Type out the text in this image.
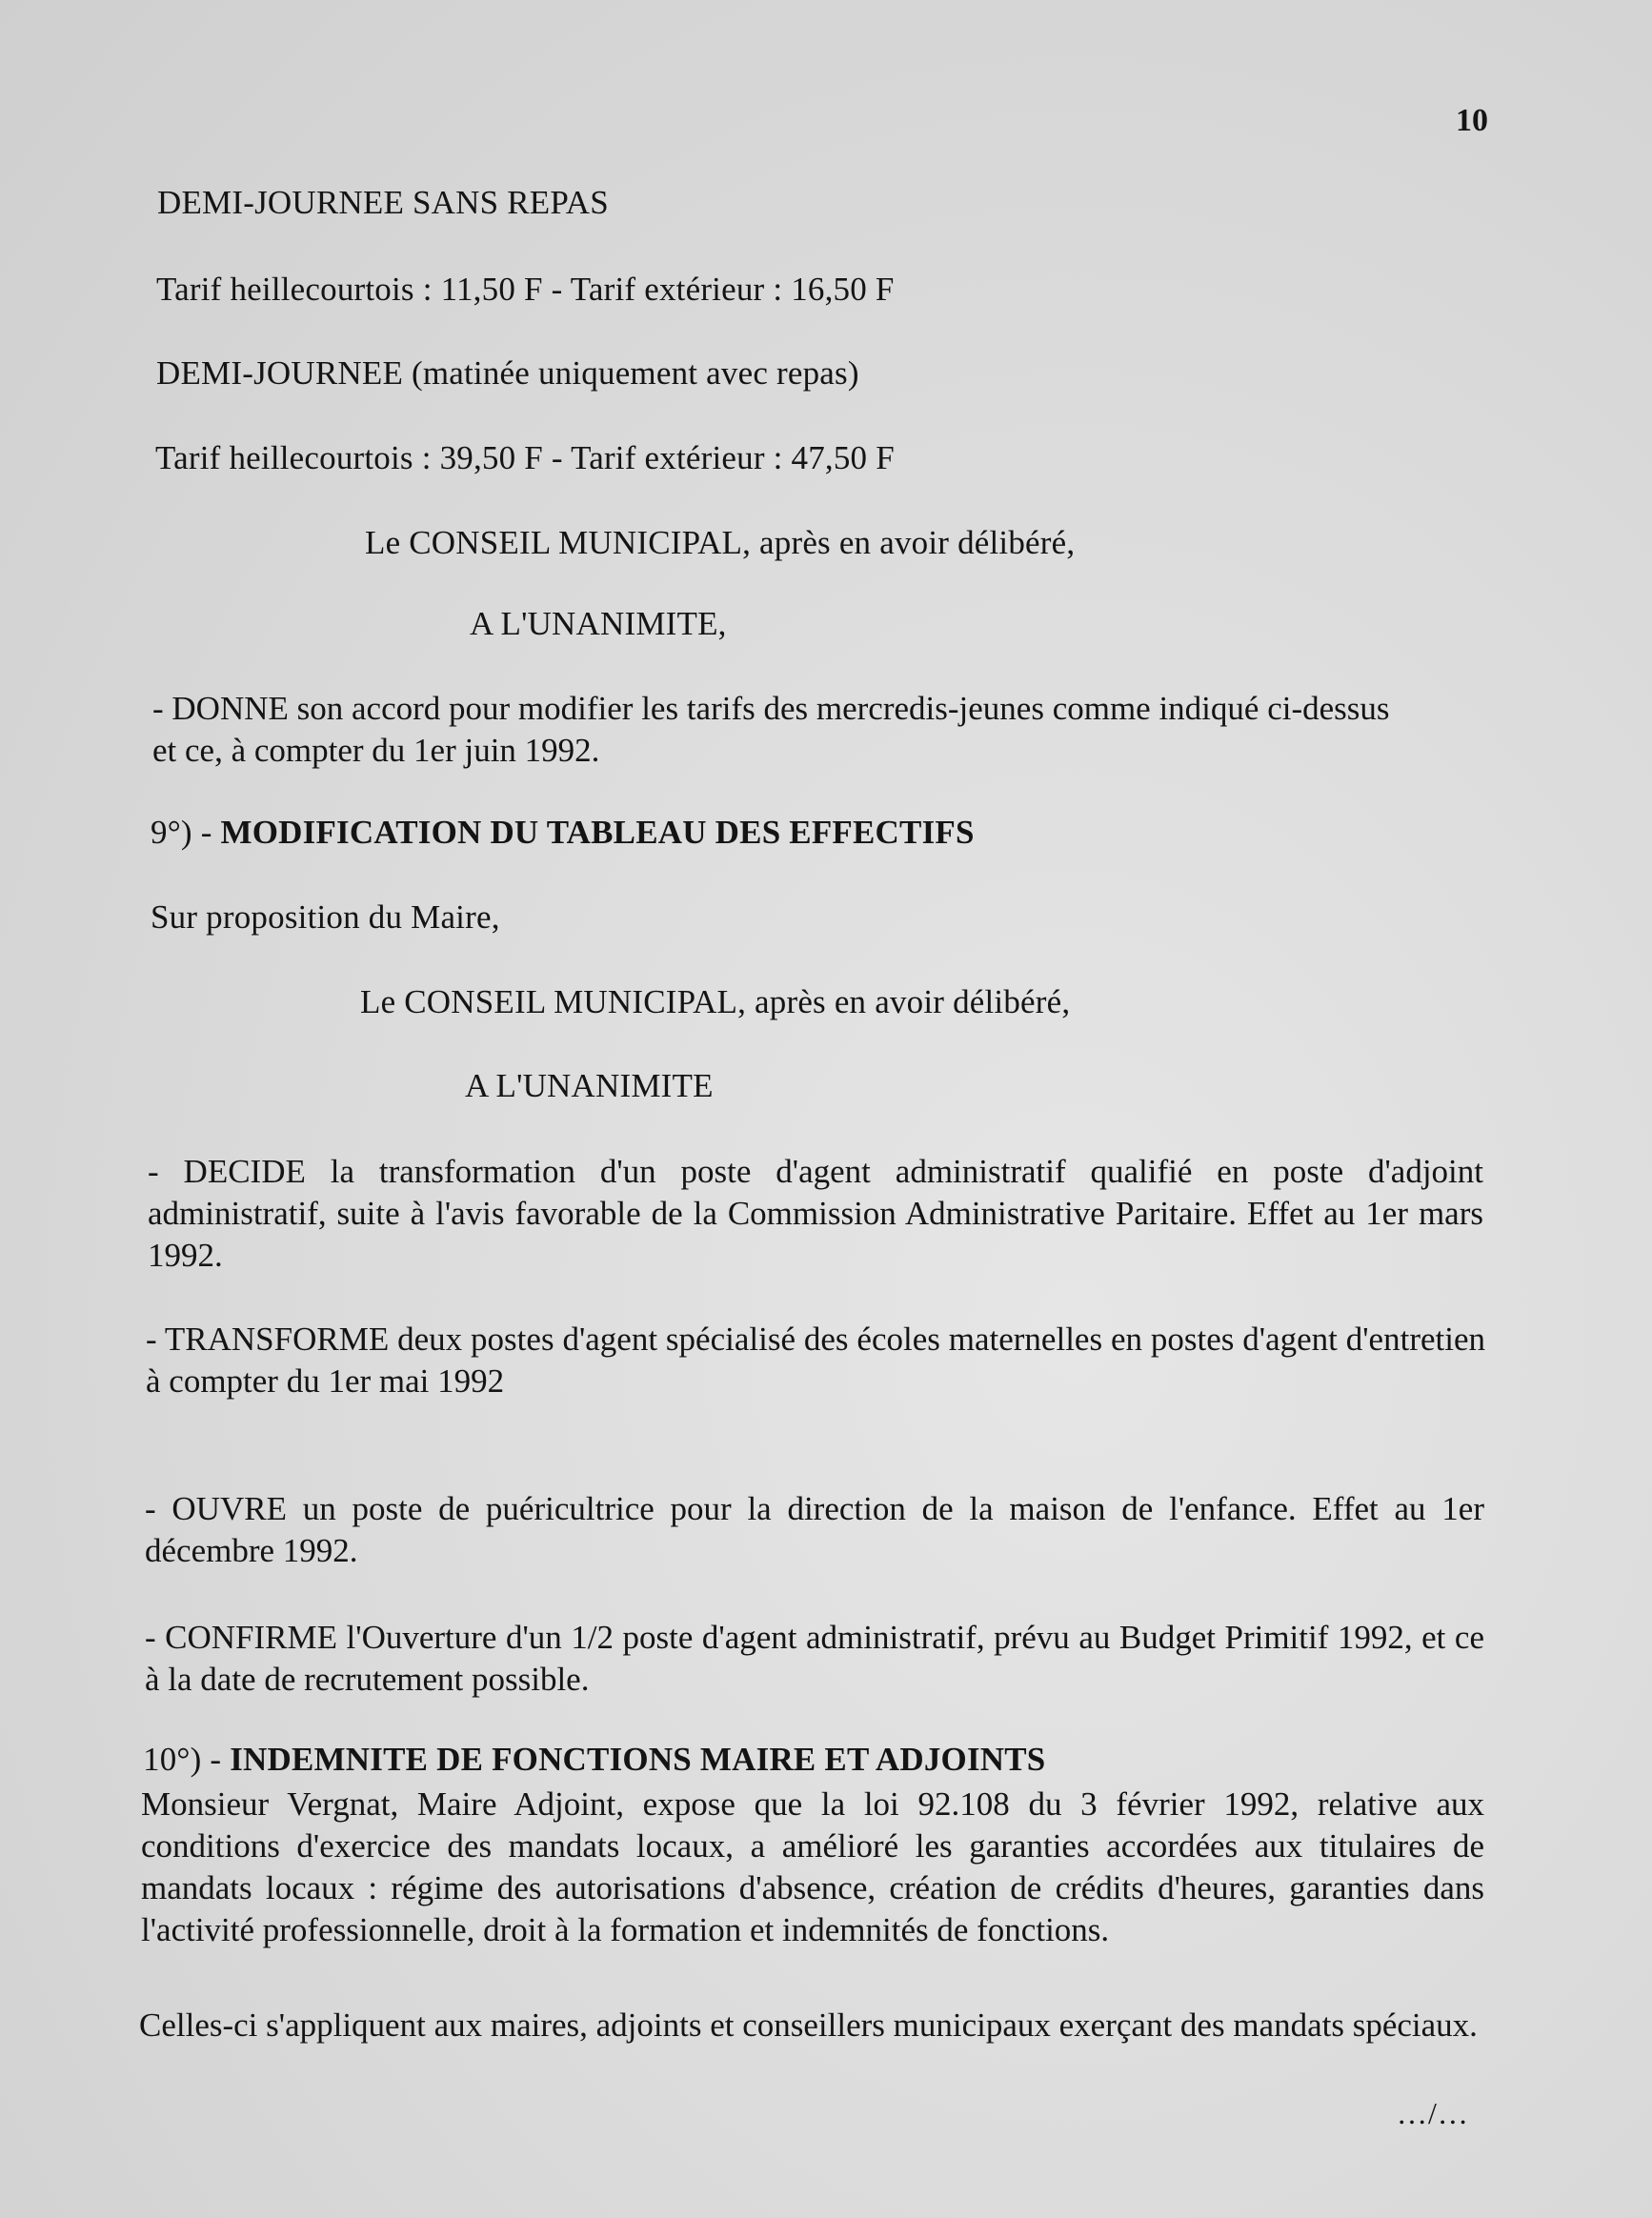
10
DEMI-JOURNEE SANS REPAS
Tarif heillecourtois : 11,50 F - Tarif extérieur : 16,50 F
DEMI-JOURNEE (matinée uniquement avec repas)
Tarif heillecourtois : 39,50 F - Tarif extérieur : 47,50 F
Le CONSEIL MUNICIPAL, après en avoir délibéré,
A L'UNANIMITE,
- DONNE son accord pour modifier les tarifs des mercredis-jeunes comme indiqué ci-dessus et ce, à compter du 1er juin 1992.
9°) - MODIFICATION DU TABLEAU DES EFFECTIFS
Sur proposition du Maire,
Le CONSEIL MUNICIPAL, après en avoir délibéré,
A L'UNANIMITE
- DECIDE la transformation d'un poste d'agent administratif qualifié en poste d'adjoint administratif, suite à l'avis favorable de la Commission Administrative Paritaire. Effet au 1er mars 1992.
- TRANSFORME deux postes d'agent spécialisé des écoles maternelles en postes d'agent d'entretien à compter du 1er mai 1992
- OUVRE un poste de puéricultrice pour la direction de la maison de l'enfance. Effet au 1er décembre 1992.
- CONFIRME l'Ouverture d'un 1/2 poste d'agent administratif, prévu au Budget Primitif 1992, et ce à la date de recrutement possible.
10°) - INDEMNITE DE FONCTIONS MAIRE ET ADJOINTS
Monsieur Vergnat, Maire Adjoint, expose que la loi 92.108 du 3 février 1992, relative aux conditions d'exercice des mandats locaux, a amélioré les garanties accordées aux titulaires de mandats locaux : régime des autorisations d'absence, création de crédits d'heures, garanties dans l'activité professionnelle, droit à la formation et indemnités de fonctions.
Celles-ci s'appliquent aux maires, adjoints et conseillers municipaux exerçant des mandats spéciaux.
…/…
